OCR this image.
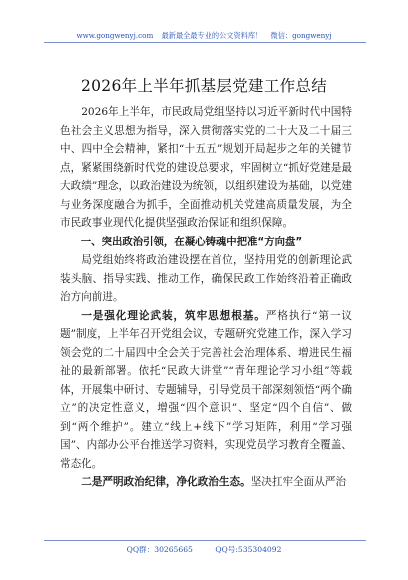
www.gongwenyj.com 最新最全最专业的公文资料库！ 微信：gongwenyj
2026年上半年抓基层党建工作总结

2026年上半年，市民政局党组坚持以习近平新时代中国特色社会主义思想为指导，深入贯彻落实党的二十大及二十届三中、四中全会精神，紧扣“十五五”规划开局起步之年的关键节点，紧紧围绕新时代党的建设总要求，牢固树立“抓好党建是最大政绩”理念，以政治建设为统领，以组织建设为基础，以党建与业务深度融合为抓手，全面推动机关党建高质量发展，为全市民政事业现代化提供坚强政治保证和组织保障。

一、突出政治引领，在凝心铸魂中把准“方向盘”

局党组始终将政治建设摆在首位，坚持用党的创新理论武装头脑、指导实践、推动工作，确保民政工作始终沿着正确政治方向前进。

一是强化理论武装，筑牢思想根基。严格执行“第一议题”制度，上半年召开党组会议，专题研究党建工作，深入学习领会党的二十届四中全会关于完善社会治理体系、增进民生福祉的最新部署。依托“民政大讲堂”“青年理论学习小组”等载体，开展集中研讨、专题辅导，引导党员干部深刻领悟“两个确立”的决定性意义，增强“四个意识”、坚定“四个自信”、做到“两个维护”。建立“线上+线下”学习矩阵，利用“学习强国”、内部办公平台推送学习资料，实现党员学习教育全覆盖、常态化。

二是严明政治纪律，净化政治生态。坚决扛牢全面从严治

QQ群：30265665	QQ号:535304092
